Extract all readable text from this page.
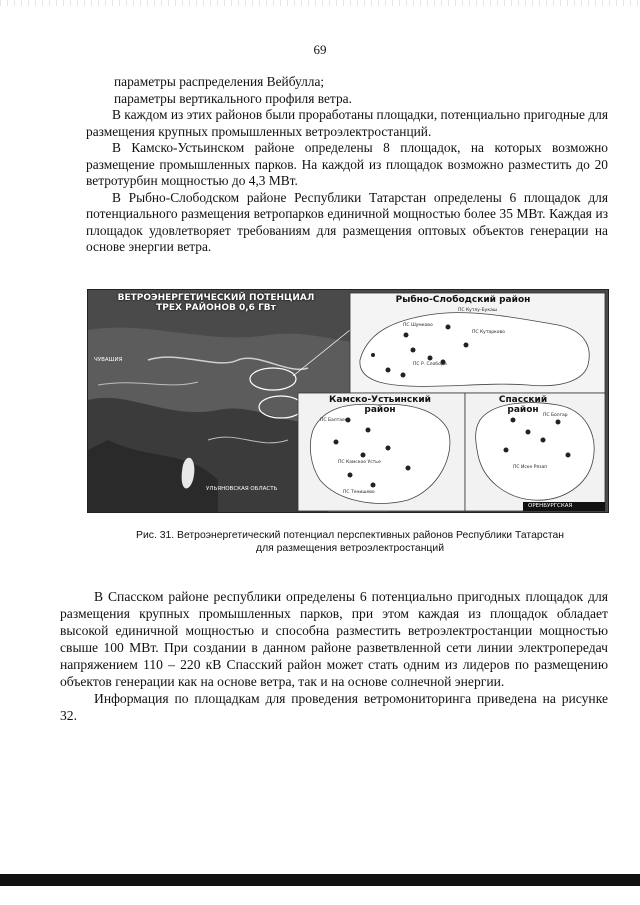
69

параметры распределения Вейбулла;

параметры вертикального профиля ветра.

В каждом из этих районов были проработаны площадки, потенциально пригодные для размещения крупных промышленных ветроэлектростанций.

В Камско-Устьинском районе определены 8 площадок, на которых возможно размещение промышленных парков. На каждой из площадок возможно разместить до 20 ветротурбин мощностью до 4,3 МВт.

В Рыбно-Слободском районе Республики Татарстан определены 6 площадок для потенциального размещения ветропарков единичной мощностью более 35 МВт. Каждая из площадок удовлетворяет требованиям для размещения оптовых объектов генерации на основе энергии ветра.

ВЕТРОЭНЕРГЕТИЧЕСКИЙ ПОТЕНЦИАЛ ТРЕХ РАЙОНОВ 0,6 ГВт
ЧУВАШИЯ
УЛЬЯНОВСКАЯ ОБЛАСТЬ
ОРЕНБУРГСКАЯ
Рыбно-Слободский район
Камско-Устьинский район
Спасский район
ПС Кутлу-Букаш
ПС Шумково
ПС Кутарково
ПС Р. Слобода
ПС Балтаево
ПС Камское Устье
ПС Тенишево
ПС Болгар
ПС Иске Рязап
Рис. 31. Ветроэнергетический потенциал перспективных районов Республики Татарстан
для размещения ветроэлектростанций

В Спасском районе республики определены 6 потенциально пригодных площадок для размещения крупных промышленных парков, при этом каждая из площадок обладает высокой единичной мощностью и способна разместить ветроэлектростанции мощностью свыше 100 МВт. При создании в данном районе разветвленной сети линии электропередач напряжением 110 – 220 кВ Спасский район может стать одним из лидеров по размещению объектов генерации как на основе ветра, так и на основе солнечной энергии.

Информация по площадкам для проведения ветромониторинга приведена на рисунке 32.
